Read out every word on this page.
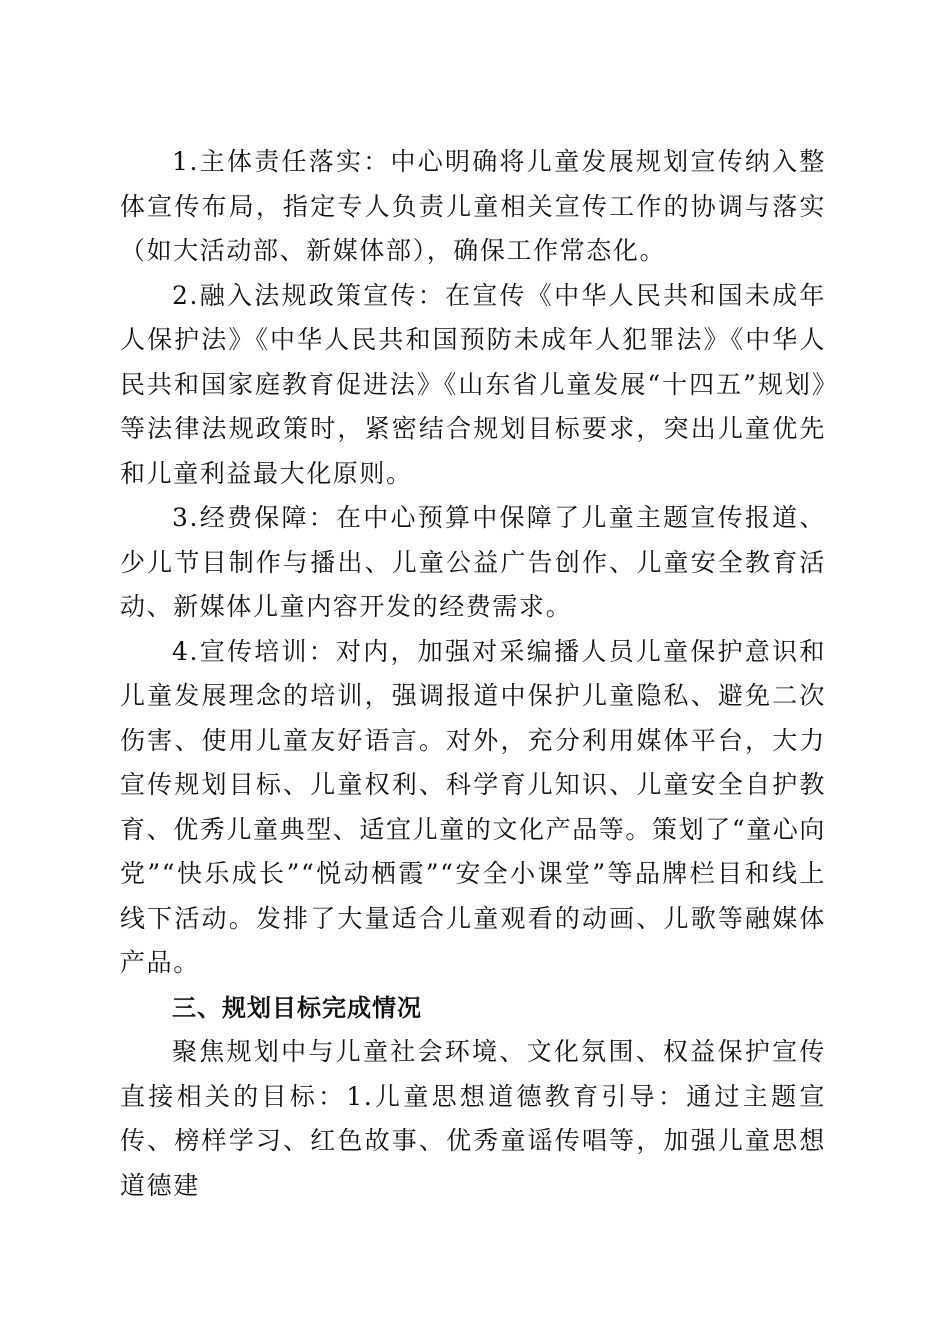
1.主体责任落实：中心明确将儿童发展规划宣传纳入整体宣传布局，指定专人负责儿童相关宣传工作的协调与落实（如大活动部、新媒体部），确保工作常态化。

2.融入法规政策宣传：在宣传《中华人民共和国未成年人保护法》《中华人民共和国预防未成年人犯罪法》《中华人民共和国家庭教育促进法》《山东省儿童发展“十四五”规划》等法律法规政策时，紧密结合规划目标要求，突出儿童优先和儿童利益最大化原则。

3.经费保障：在中心预算中保障了儿童主题宣传报道、少儿节目制作与播出、儿童公益广告创作、儿童安全教育活动、新媒体儿童内容开发的经费需求。

4.宣传培训：对内，加强对采编播人员儿童保护意识和儿童发展理念的培训，强调报道中保护儿童隐私、避免二次伤害、使用儿童友好语言。对外，充分利用媒体平台，大力宣传规划目标、儿童权利、科学育儿知识、儿童安全自护教育、优秀儿童典型、适宜儿童的文化产品等。策划了“童心向党”“快乐成长”“悦动栖霞”“安全小课堂”等品牌栏目和线上线下活动。发排了大量适合儿童观看的动画、儿歌等融媒体产品。

三、规划目标完成情况

聚焦规划中与儿童社会环境、文化氛围、权益保护宣传直接相关的目标：1.儿童思想道德教育引导：通过主题宣传、榜样学习、红色故事、优秀童谣传唱等，加强儿童思想道德建
